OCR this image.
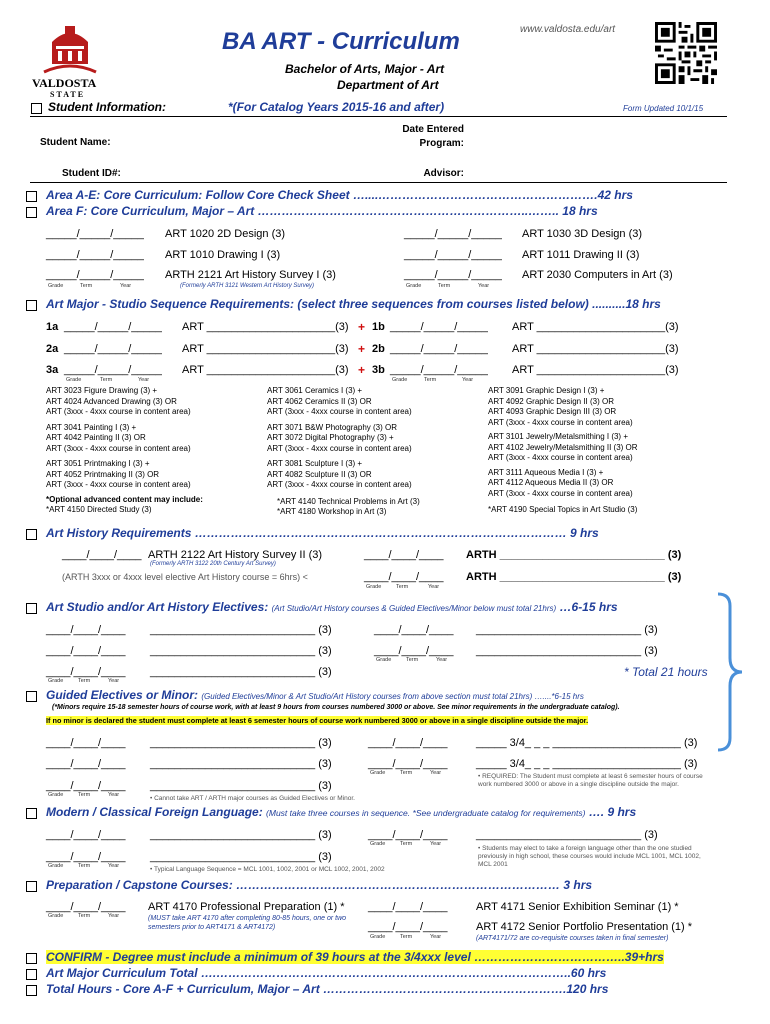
VALDOSTA
STATE
BA ART - Curriculum	www.valdosta.edu/art
Bachelor of Arts, Major - Art
Department of Art
Student Information:	*(For Catalog Years 2015-16 and after)	Form Updated 10/1/15
Student Name:
Date Entered
Program:
Student ID#:	Advisor:
Area A-E: Core Curriculum: Follow Core Check Sheet …....……………………………………………….42 hrs
Area F: Core Curriculum, Major – Art …………………………………………………………..…….. 18 hrs
_____/_____/_____ ART 1020 2D Design (3)	_____/_____/_____ ART 1030 3D Design (3)
_____/_____/_____ ART 1010 Drawing I (3)	_____/_____/_____ ART 1011 Drawing II (3)
_____/_____/_____ ARTH 2121 Art History Survey I (3)	_____/_____/_____ ART 2030 Computers in Art (3)
Grade	Term	Year	(Formerly ARTH 3121 Western Art History Survey)	Grade	Term	Year
Art Major - Studio Sequence Requirements: (select three sequences from courses listed below) ..........18 hrs
1a _____/_____/_____ ART _____________________(3) + 1b _____/_____/_____ ART _____________________(3)
2a _____/_____/_____ ART _____________________(3) + 2b _____/_____/_____ ART _____________________(3)
3a _____/_____/_____ ART _____________________(3) + 3b _____/_____/_____ ART _____________________(3)
Grade	Term	Year	Grade	Term	Year
ART 3023 Figure Drawing (3) +
ART 4024 Advanced Drawing (3) OR
ART (3xxx - 4xxx course in content area)
ART 3041 Painting I (3) +
ART 4042 Painting II (3) OR
ART (3xxx - 4xxx course in content area)
ART 3051 Printmaking I (3) +
ART 4052 Printmaking II (3) OR
ART (3xxx - 4xxx course in content area)
*Optional advanced content may include:
*ART 4150 Directed Study (3)
ART 3061 Ceramics I (3) +
ART 4062 Ceramics II (3) OR
ART (3xxx - 4xxx course in content area)
ART 3071 B&W Photography (3) OR
ART 3072 Digital Photography (3) +
ART (3xxx - 4xxx course in content area)
ART 3081 Sculpture I (3) +
ART 4082 Sculpture II (3) OR
ART (3xxx - 4xxx course in content area)
*ART 4140 Technical Problems in Art (3)
*ART 4180 Workshop in Art (3)
ART 3091 Graphic Design I (3) +
ART 4092 Graphic Design II (3) OR
ART 4093 Graphic Design III (3) OR
ART (3xxx - 4xxx course in content area)
ART 3101 Jewelry/Metalsmithing I (3) +
ART 4102 Jewelry/Metalsmithing II (3) OR
ART (3xxx - 4xxx course in content area)
ART 3111 Aqueous Media I (3) +
ART 4112 Aqueous Media II (3) OR
ART (3xxx - 4xxx course in content area)
*ART 4190 Special Topics in Art Studio (3)
Art History Requirements ………………………………………………………………………………… 9 hrs
____/____/____ ARTH 2122 Art History Survey II (3)
(Formerly ARTH 3122 20th Century Art Survey)
(ARTH 3xxx or 4xxx level elective Art History course = 6hrs) <
____/____/____ ARTH ___________________________ (3)
____/____/____ ARTH ___________________________ (3)
Grade	Term	Year
Art Studio and/or Art History Electives: (Art Studio/Art History courses & Guided Electives/Minor below must total 21hrs) …6-15 hrs
____/____/____ ___________________________ (3)	____/____/____ ___________________________ (3)
____/____/____ ___________________________ (3)	____/____/____ ___________________________ (3)
Grade	Term	Year
____/____/____ ___________________________ (3)
Grade	Term	Year
* Total 21 hours
Guided Electives or Minor: (Guided Electives/Minor & Art Studio/Art History courses from above section must total 21hrs) …....*6-15 hrs
(*Minors require 15-18 semester hours of course work, with at least 9 hours from courses numbered 3000 or above. See minor requirements in the undergraduate catalog).
If no minor is declared the student must complete at least 6 semester hours of course work numbered 3000 or above in a single discipline outside the major.
____/____/____ ___________________________ (3)	____/____/____	_____ 3/4_ _ _ _____________________ (3)
____/____/____ ___________________________ (3)	____/____/____	_____ 3/4_ _ _ _____________________ (3)
Grade	Term	Year
____/____/____ ___________________________ (3)
Grade	Term	Year	• Cannot take ART / ARTH major courses as Guided Electives or Minor.
• REQUIRED: The Student must complete at least 6 semester hours of course work numbered 3000 or above in a single discipline outside the major.
Modern / Classical Foreign Language: (Must take three courses in sequence. *See undergraduate catalog for requirements) …. 9 hrs
____/____/____ ___________________________ (3)	____/____/____	___________________________ (3)
Grade	Term	Year
____/____/____ ___________________________ (3)
Grade	Term	Year	• Typical Language Sequence = MCL 1001, 1002, 2001 or MCL 1002, 2001, 2002
• Students may elect to take a foreign language other than the one studied previously in high school, these courses would include MCL 1001, MCL 1002, MCL 2001
Preparation / Capstone Courses: ……………………………………………………………………… 3 hrs
____/____/____ ART 4170 Professional Preparation (1) *
Grade	Term	Year	(MUST take ART 4170 after completing 80-85 hours, one or two semesters prior to ART4171 & ART4172)
____/____/____	ART 4171 Senior Exhibition Seminar (1) *
____/____/____	ART 4172 Senior Portfolio Presentation (1) *
Grade	Term	Year	(ART4171/72 are co-requisite courses taken in final semester)
CONFIRM - Degree must include a minimum of 39 hours at the 3/4xxx level ………………………………..39+hrs
Art Major Curriculum Total ….……………………………………………………………………………..60 hrs
Total Hours - Core A-F + Curriculum, Major – Art …………………………………………………….120 hrs
